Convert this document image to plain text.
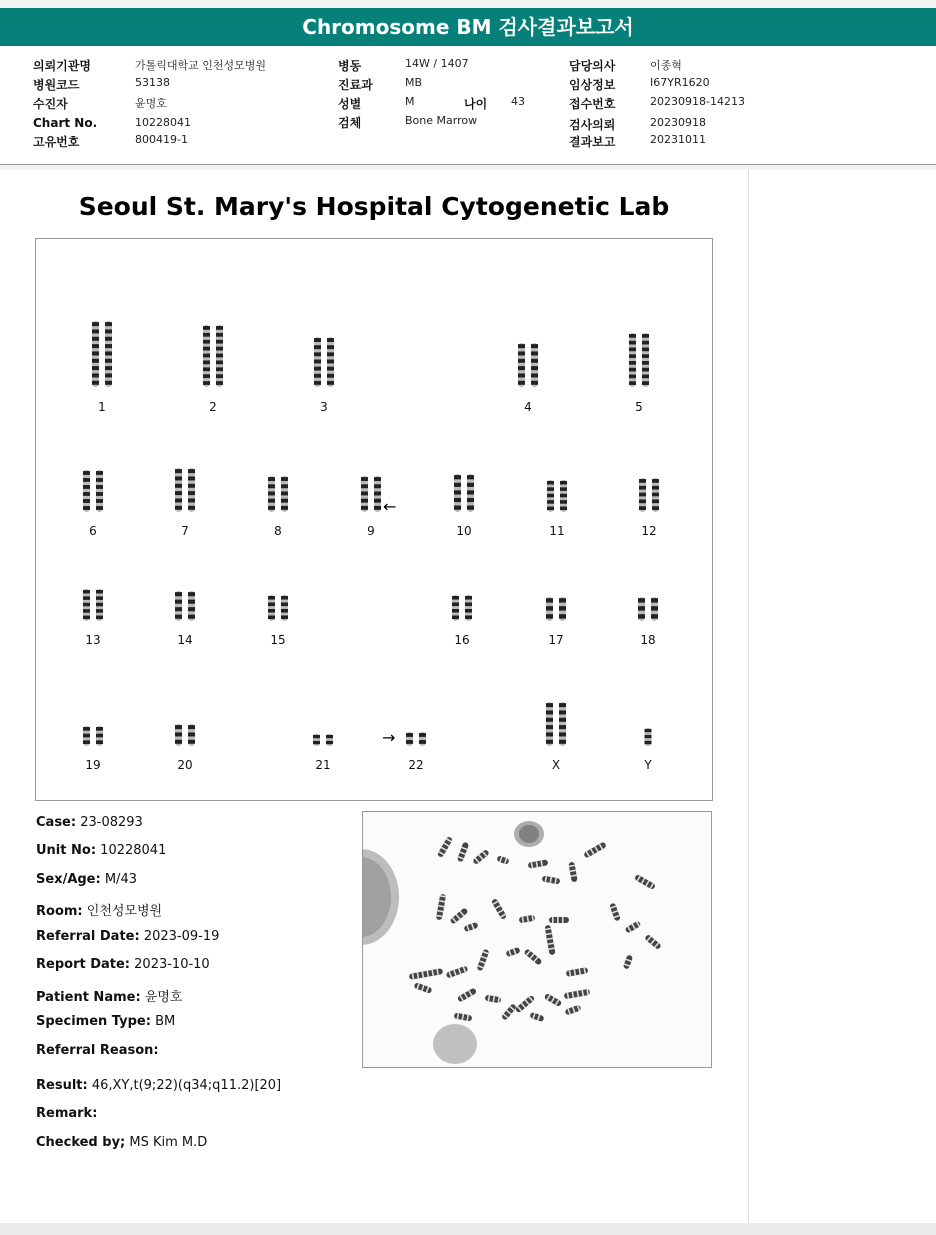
Chromosome BM 검사결과보고서
의뢰기관명	가톨릭대학교 인천성모병원
병원코드	53138
수진자	윤명호
Chart No.	10228041
고유번호	800419-1
병동	14W / 1407
진료과	MB
성별	M	나이 43
검체	Bone Marrow
담당의사	이종혁
임상정보	I67YR1620
접수번호	20230918-14213
검사의뢰	20230918
결과보고	20231011
Seoul St. Mary's Hospital Cytogenetic Lab
1	2	3	4	5
6	7	8	9	10	11	12
13	14	15	16	17	18
19	20	21	22	X	Y
←
→
Case: 23-08293
Unit No: 10228041
Sex/Age: M/43
Room: 인천성모병원
Referral Date: 2023-09-19
Report Date: 2023-10-10
Patient Name: 윤명호
Specimen Type: BM
Referral Reason:
Result: 46,XY,t(9;22)(q34;q11.2)[20]
Remark:
Checked by; MS Kim M.D
